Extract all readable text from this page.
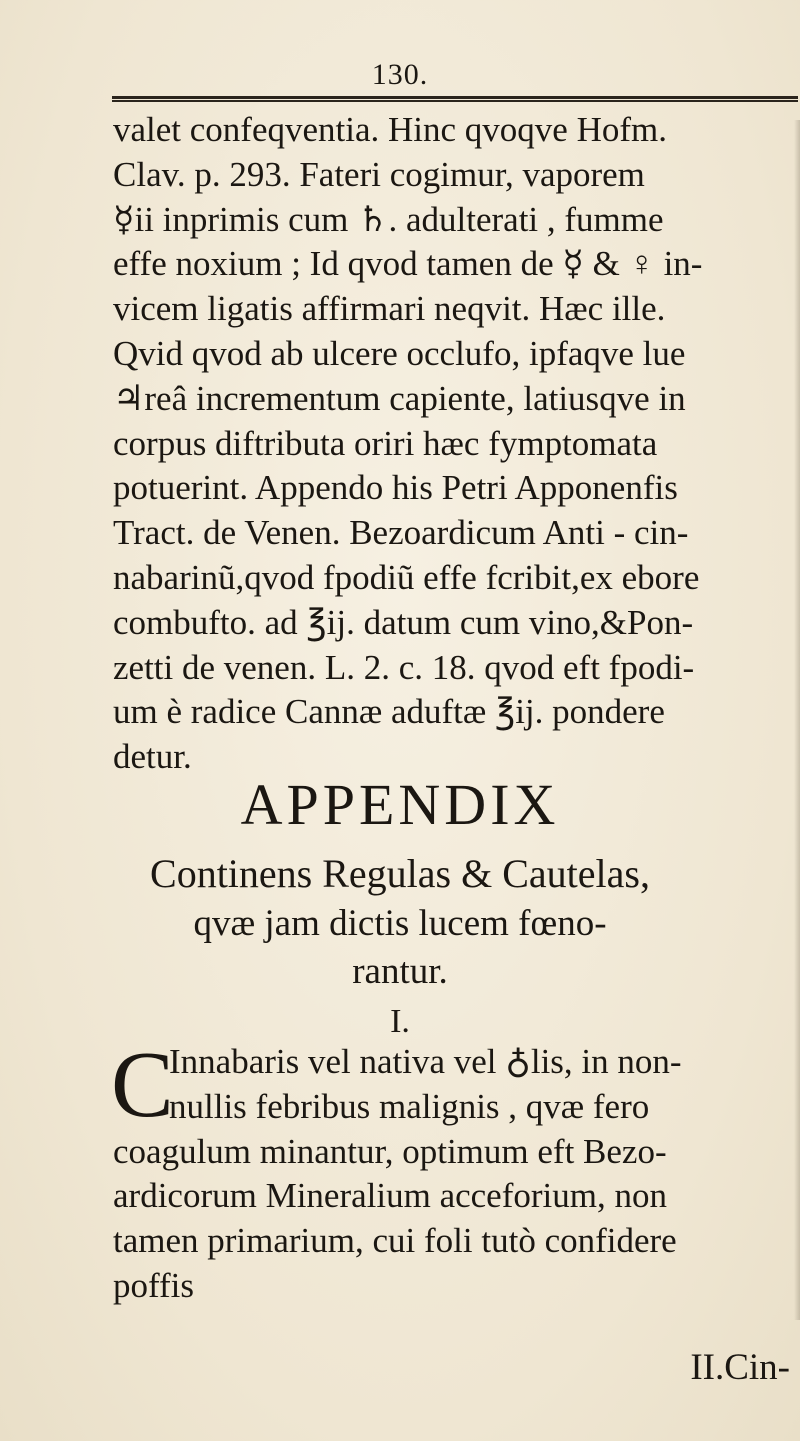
130.
valet confeqventia. Hinc qvoqve Hofm.
Clav. p. 293. Fateri cogimur, vaporem
☿ii inprimis cum ♄. adulterati , fumme
effe noxium ; Id qvod tamen de ☿ & ♀ in-
vicem ligatis affirmari neqvit. Hæc ille.
Qvid qvod ab ulcere occlufo, ipfaqve lue
♃reâ incrementum capiente, latiusqve in
corpus diftributa oriri hæc fymptomata
potuerint. Appendo his Petri Apponenfis
Tract. de Venen. Bezoardicum Anti - cin-
nabarinũ,qvod fpodiũ effe fcribit,ex ebore
combufto. ad ℥ij. datum cum vino,&Pon-
zetti de venen. L. 2. c. 18. qvod eft fpodi-
um è radice Cannæ aduftæ ℥ij. pondere
detur.
APPENDIX
Continens Regulas & Cautelas,
qvæ jam dictis lucem fœno-
rantur.
I.
C
Innabaris vel nativa vel ♁lis, in non-
nullis febribus malignis , qvæ fero
coagulum minantur, optimum eft Bezo-
ardicorum Mineralium acceforium, non
tamen primarium, cui foli tutò confidere
poffis
II.Cin-
